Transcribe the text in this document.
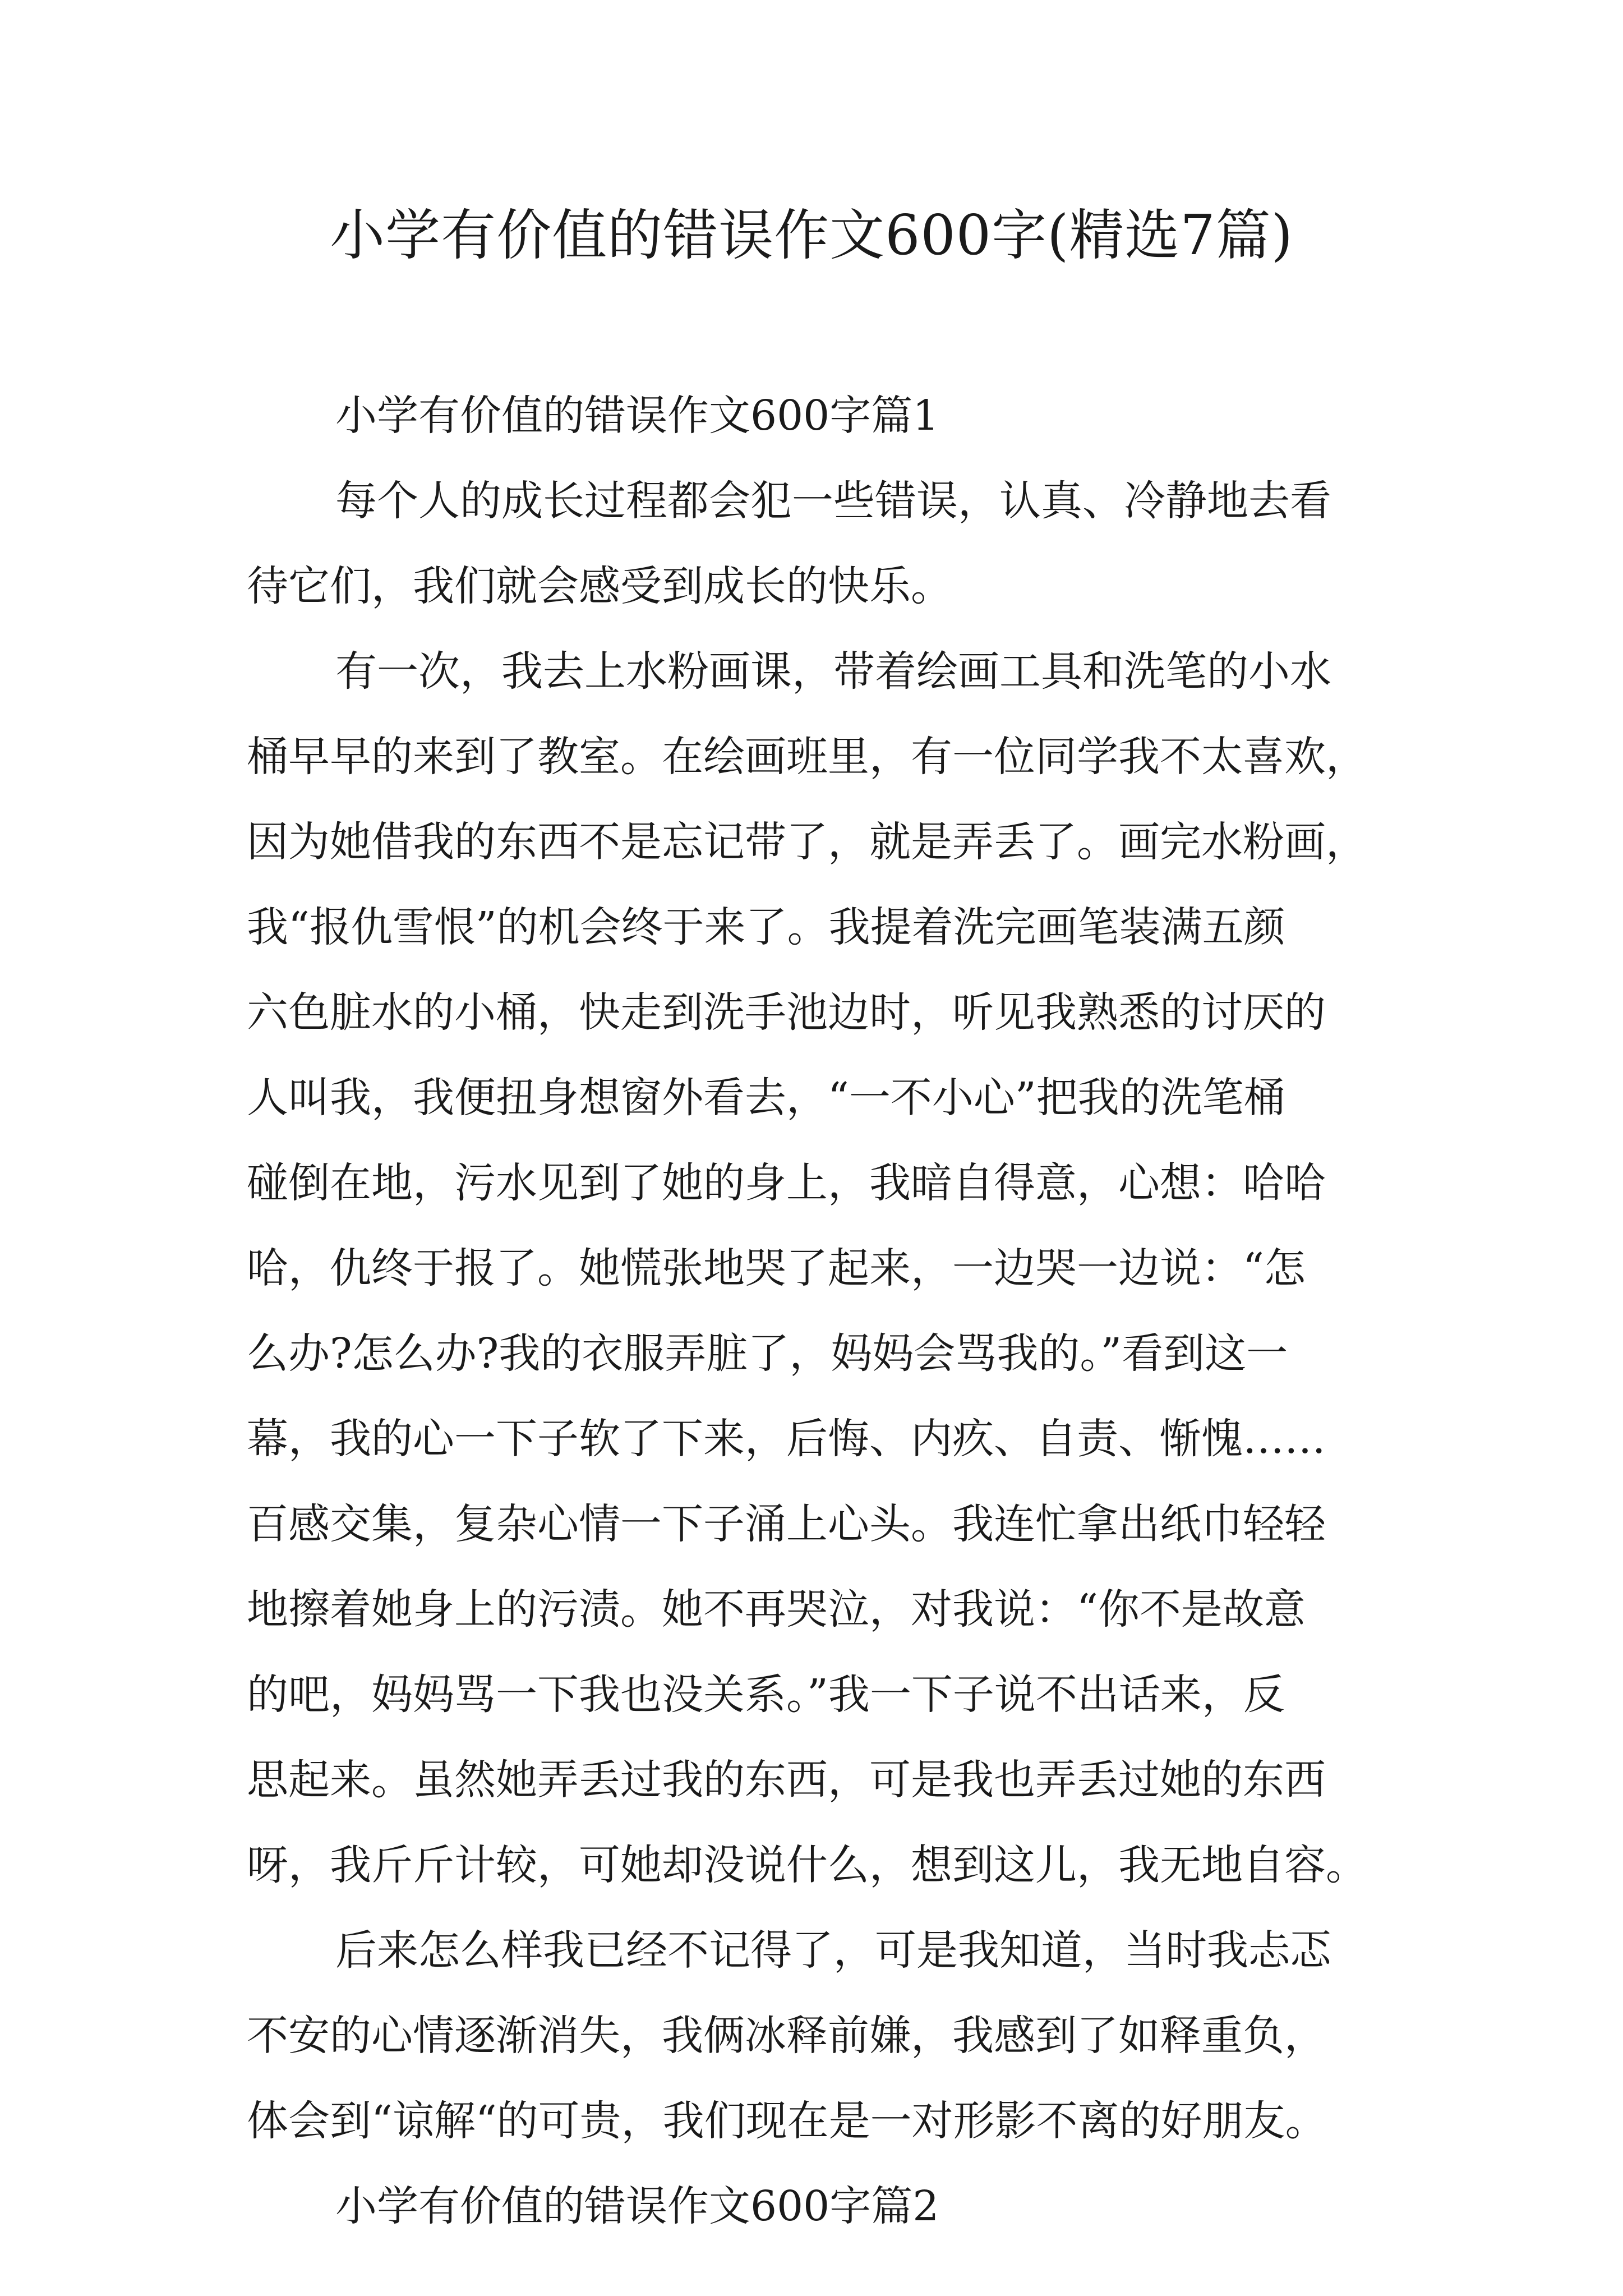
小学有价值的错误作文600字(精选7篇)
小学有价值的错误作文600字篇1
每个人的成长过程都会犯一些错误，认真、冷静地去看
待它们，我们就会感受到成长的快乐。
有一次，我去上水粉画课，带着绘画工具和洗笔的小水
桶早早的来到了教室。在绘画班里，有一位同学我不太喜欢，
因为她借我的东西不是忘记带了，就是弄丢了。画完水粉画，
我“报仇雪恨”的机会终于来了。我提着洗完画笔装满五颜
六色脏水的小桶，快走到洗手池边时，听见我熟悉的讨厌的
人叫我，我便扭身想窗外看去，“一不小心”把我的洗笔桶
碰倒在地，污水见到了她的身上，我暗自得意，心想：哈哈
哈，仇终于报了。她慌张地哭了起来，一边哭一边说：“怎
么办?怎么办?我的衣服弄脏了，妈妈会骂我的。”看到这一
幕，我的心一下子软了下来，后悔、内疚、自责、惭愧……
百感交集，复杂心情一下子涌上心头。我连忙拿出纸巾轻轻
地擦着她身上的污渍。她不再哭泣，对我说：“你不是故意
的吧，妈妈骂一下我也没关系。”我一下子说不出话来，反
思起来。虽然她弄丢过我的东西，可是我也弄丢过她的东西
呀，我斤斤计较，可她却没说什么，想到这儿，我无地自容。
后来怎么样我已经不记得了，可是我知道，当时我忐忑
不安的心情逐渐消失，我俩冰释前嫌，我感到了如释重负，
体会到“谅解“的可贵，我们现在是一对形影不离的好朋友。
小学有价值的错误作文600字篇2
